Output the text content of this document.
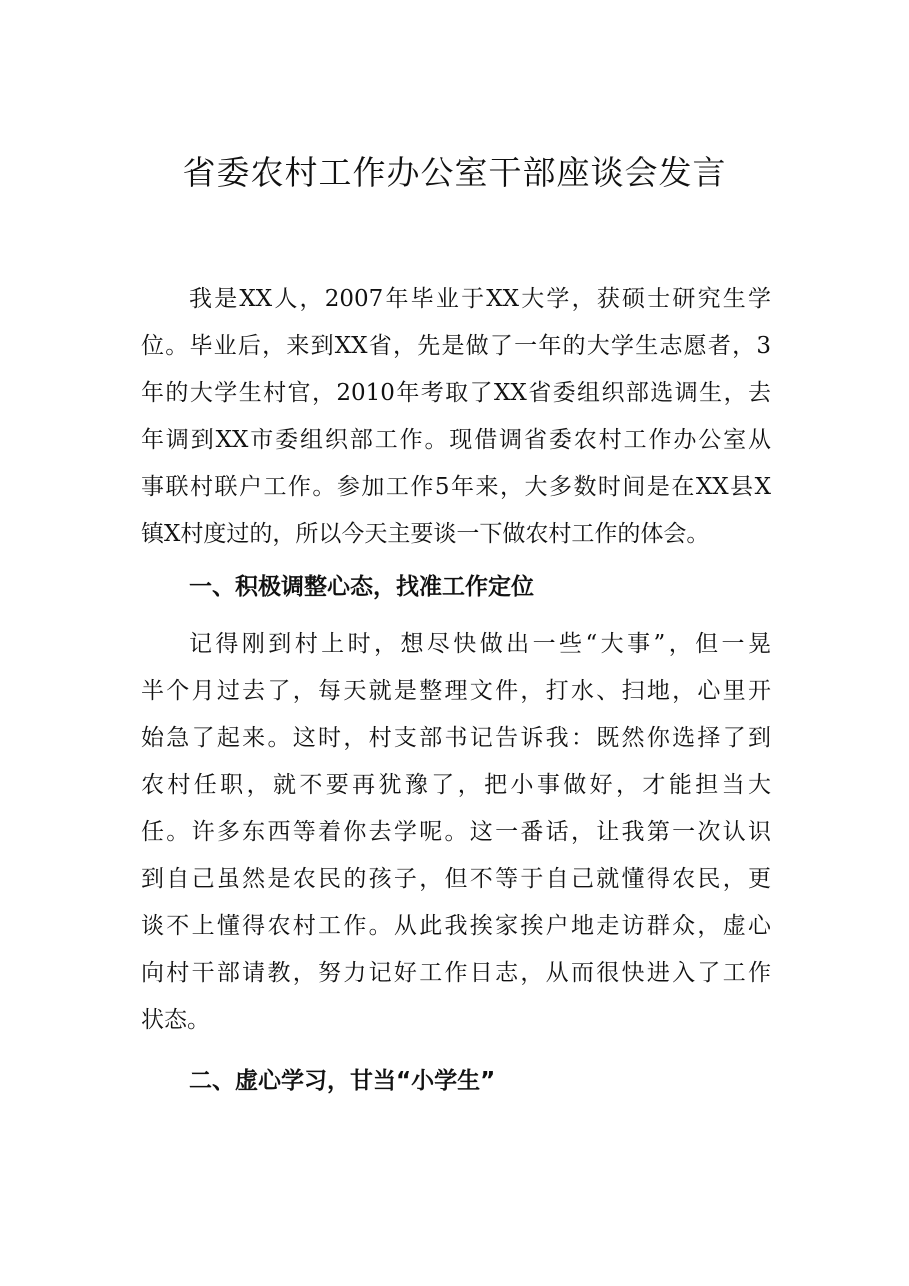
省委农村工作办公室干部座谈会发言
我是XX人，2007年毕业于XX大学，获硕士研究生学
位。毕业后，来到XX省，先是做了一年的大学生志愿者，3
年的大学生村官，2010年考取了XX省委组织部选调生，去
年调到XX市委组织部工作。现借调省委农村工作办公室从
事联村联户工作。参加工作5年来，大多数时间是在XX县X
镇X村度过的，所以今天主要谈一下做农村工作的体会。
一、积极调整心态，找准工作定位
记得刚到村上时，想尽快做出一些“大事”，但一晃
半个月过去了，每天就是整理文件，打水、扫地，心里开
始急了起来。这时，村支部书记告诉我：既然你选择了到
农村任职，就不要再犹豫了，把小事做好，才能担当大
任。许多东西等着你去学呢。这一番话，让我第一次认识
到自己虽然是农民的孩子，但不等于自己就懂得农民，更
谈不上懂得农村工作。从此我挨家挨户地走访群众，虚心
向村干部请教，努力记好工作日志，从而很快进入了工作
状态。
二、虚心学习，甘当“小学生”
